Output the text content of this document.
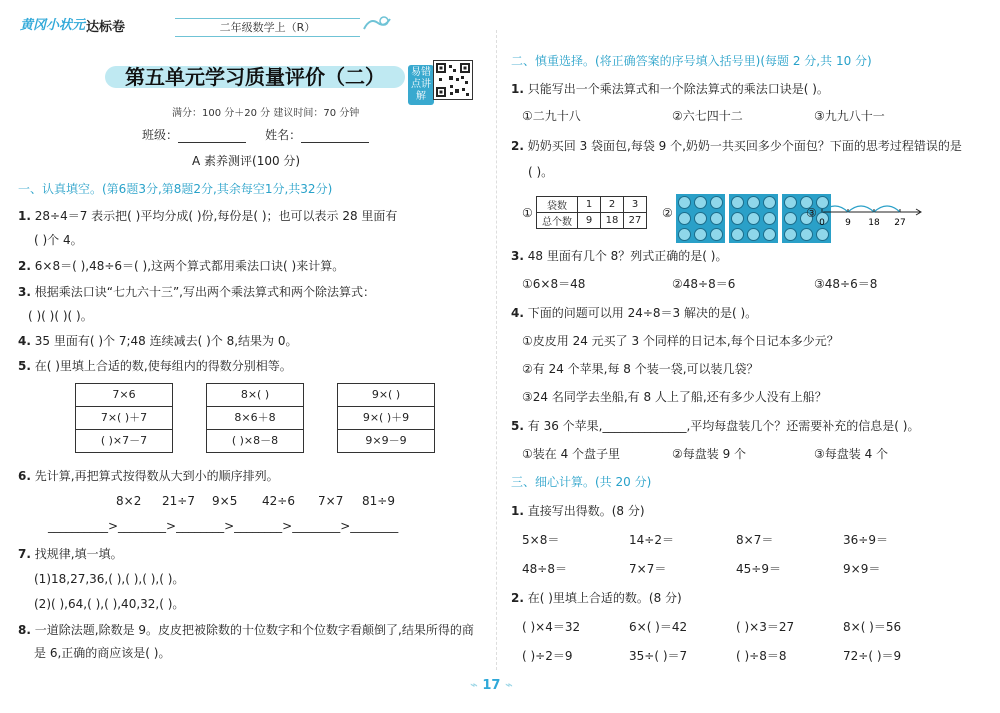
黄冈小状元 达标卷	二年级数学上（R）
第五单元学习质量评价（二）	易错点讲解
满分：100 分＋20 分 建议时间：70 分钟
班级：	姓名：
A 素养测评(100 分)
一、认真填空。(第6题3分,第8题2分,其余每空1分,共32分)
1. 28÷4＝7 表示把( )平均分成( )份,每份是( )；也可以表示 28 里面有
( )个 4。
2. 6×8＝( ),48÷6＝( ),这两个算式都用乘法口诀( )来计算。
3. 根据乘法口诀“七九六十三”,写出两个乘法算式和两个除法算式：
( )( )( )( )。
4. 35 里面有( )个 7;48 连续减去( )个 8,结果为 0。
5. 在( )里填上合适的数,使每组内的得数分别相等。
7×6
7×( )＋7
( )×7－7
8×( )
8×6＋8
( )×8－8
9×( )
9×( )＋9
9×9－9
6. 先计算,再把算式按得数从大到小的顺序排列。
8×2 21÷7 9×5 42÷6 7×7 81÷9
__________>________>________>________>________>________
7. 找规律,填一填。
(1)18,27,36,( ),( ),( ),( )。
(2)( ),64,( ),( ),40,32,( )。
8. 一道除法题,除数是 9。皮皮把被除数的十位数字和个位数字看颠倒了,结果所得的商
是 6,正确的商应该是( )。
二、慎重选择。(将正确答案的序号填入括号里)(每题 2 分,共 10 分)
1. 只能写出一个乘法算式和一个除法算式的乘法口诀是( )。
①二九十八	②六七四十二	③九九八十一
2. 奶奶买回 3 袋面包,每袋 9 个,奶奶一共买回多少个面包？下面的思考过程错误的是
( )。
① 袋数	1	2	3
总个数	9	18	27
②	③
0 9 18 27
3. 48 里面有几个 8？列式正确的是( )。
①6×8＝48	②48÷8＝6	③48÷6＝8
4. 下面的问题可以用 24÷8＝3 解决的是( )。
①皮皮用 24 元买了 3 个同样的日记本,每个日记本多少元？
②有 24 个苹果,每 8 个装一袋,可以装几袋？
③24 名同学去坐船,有 8 人上了船,还有多少人没有上船？
5. 有 36 个苹果,______________,平均每盘装几个？还需要补充的信息是( )。
①装在 4 个盘子里	②每盘装 9 个	③每盘装 4 个
三、细心计算。(共 20 分)
1. 直接写出得数。(8 分)
5×8＝	14÷2＝	8×7＝	36÷9＝
48÷8＝	7×7＝	45÷9＝	9×9＝
2. 在( )里填上合适的数。(8 分)
( )×4＝32	6×( )＝42	( )×3＝27	8×( )＝56
( )÷2＝9	35÷( )＝7	( )÷8＝8	72÷( )＝9
⌁ 17 ⌁
